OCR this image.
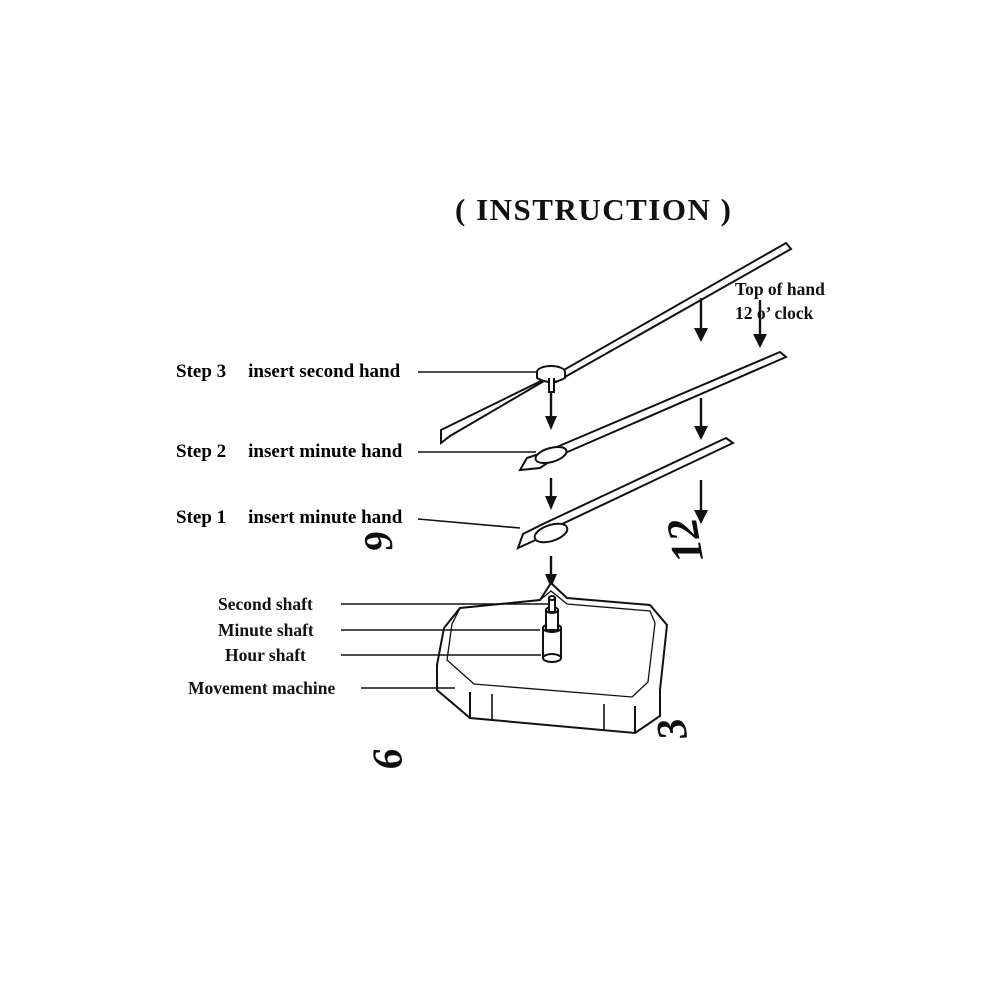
( INSTRUCTION )
Step 3 insert second hand
Step 2 insert minute hand
Step 1 insert minute hand
Top of hand
12 o’ clock
Second shaft
Minute shaft
Hour shaft
Movement machine
9	12
3
6
